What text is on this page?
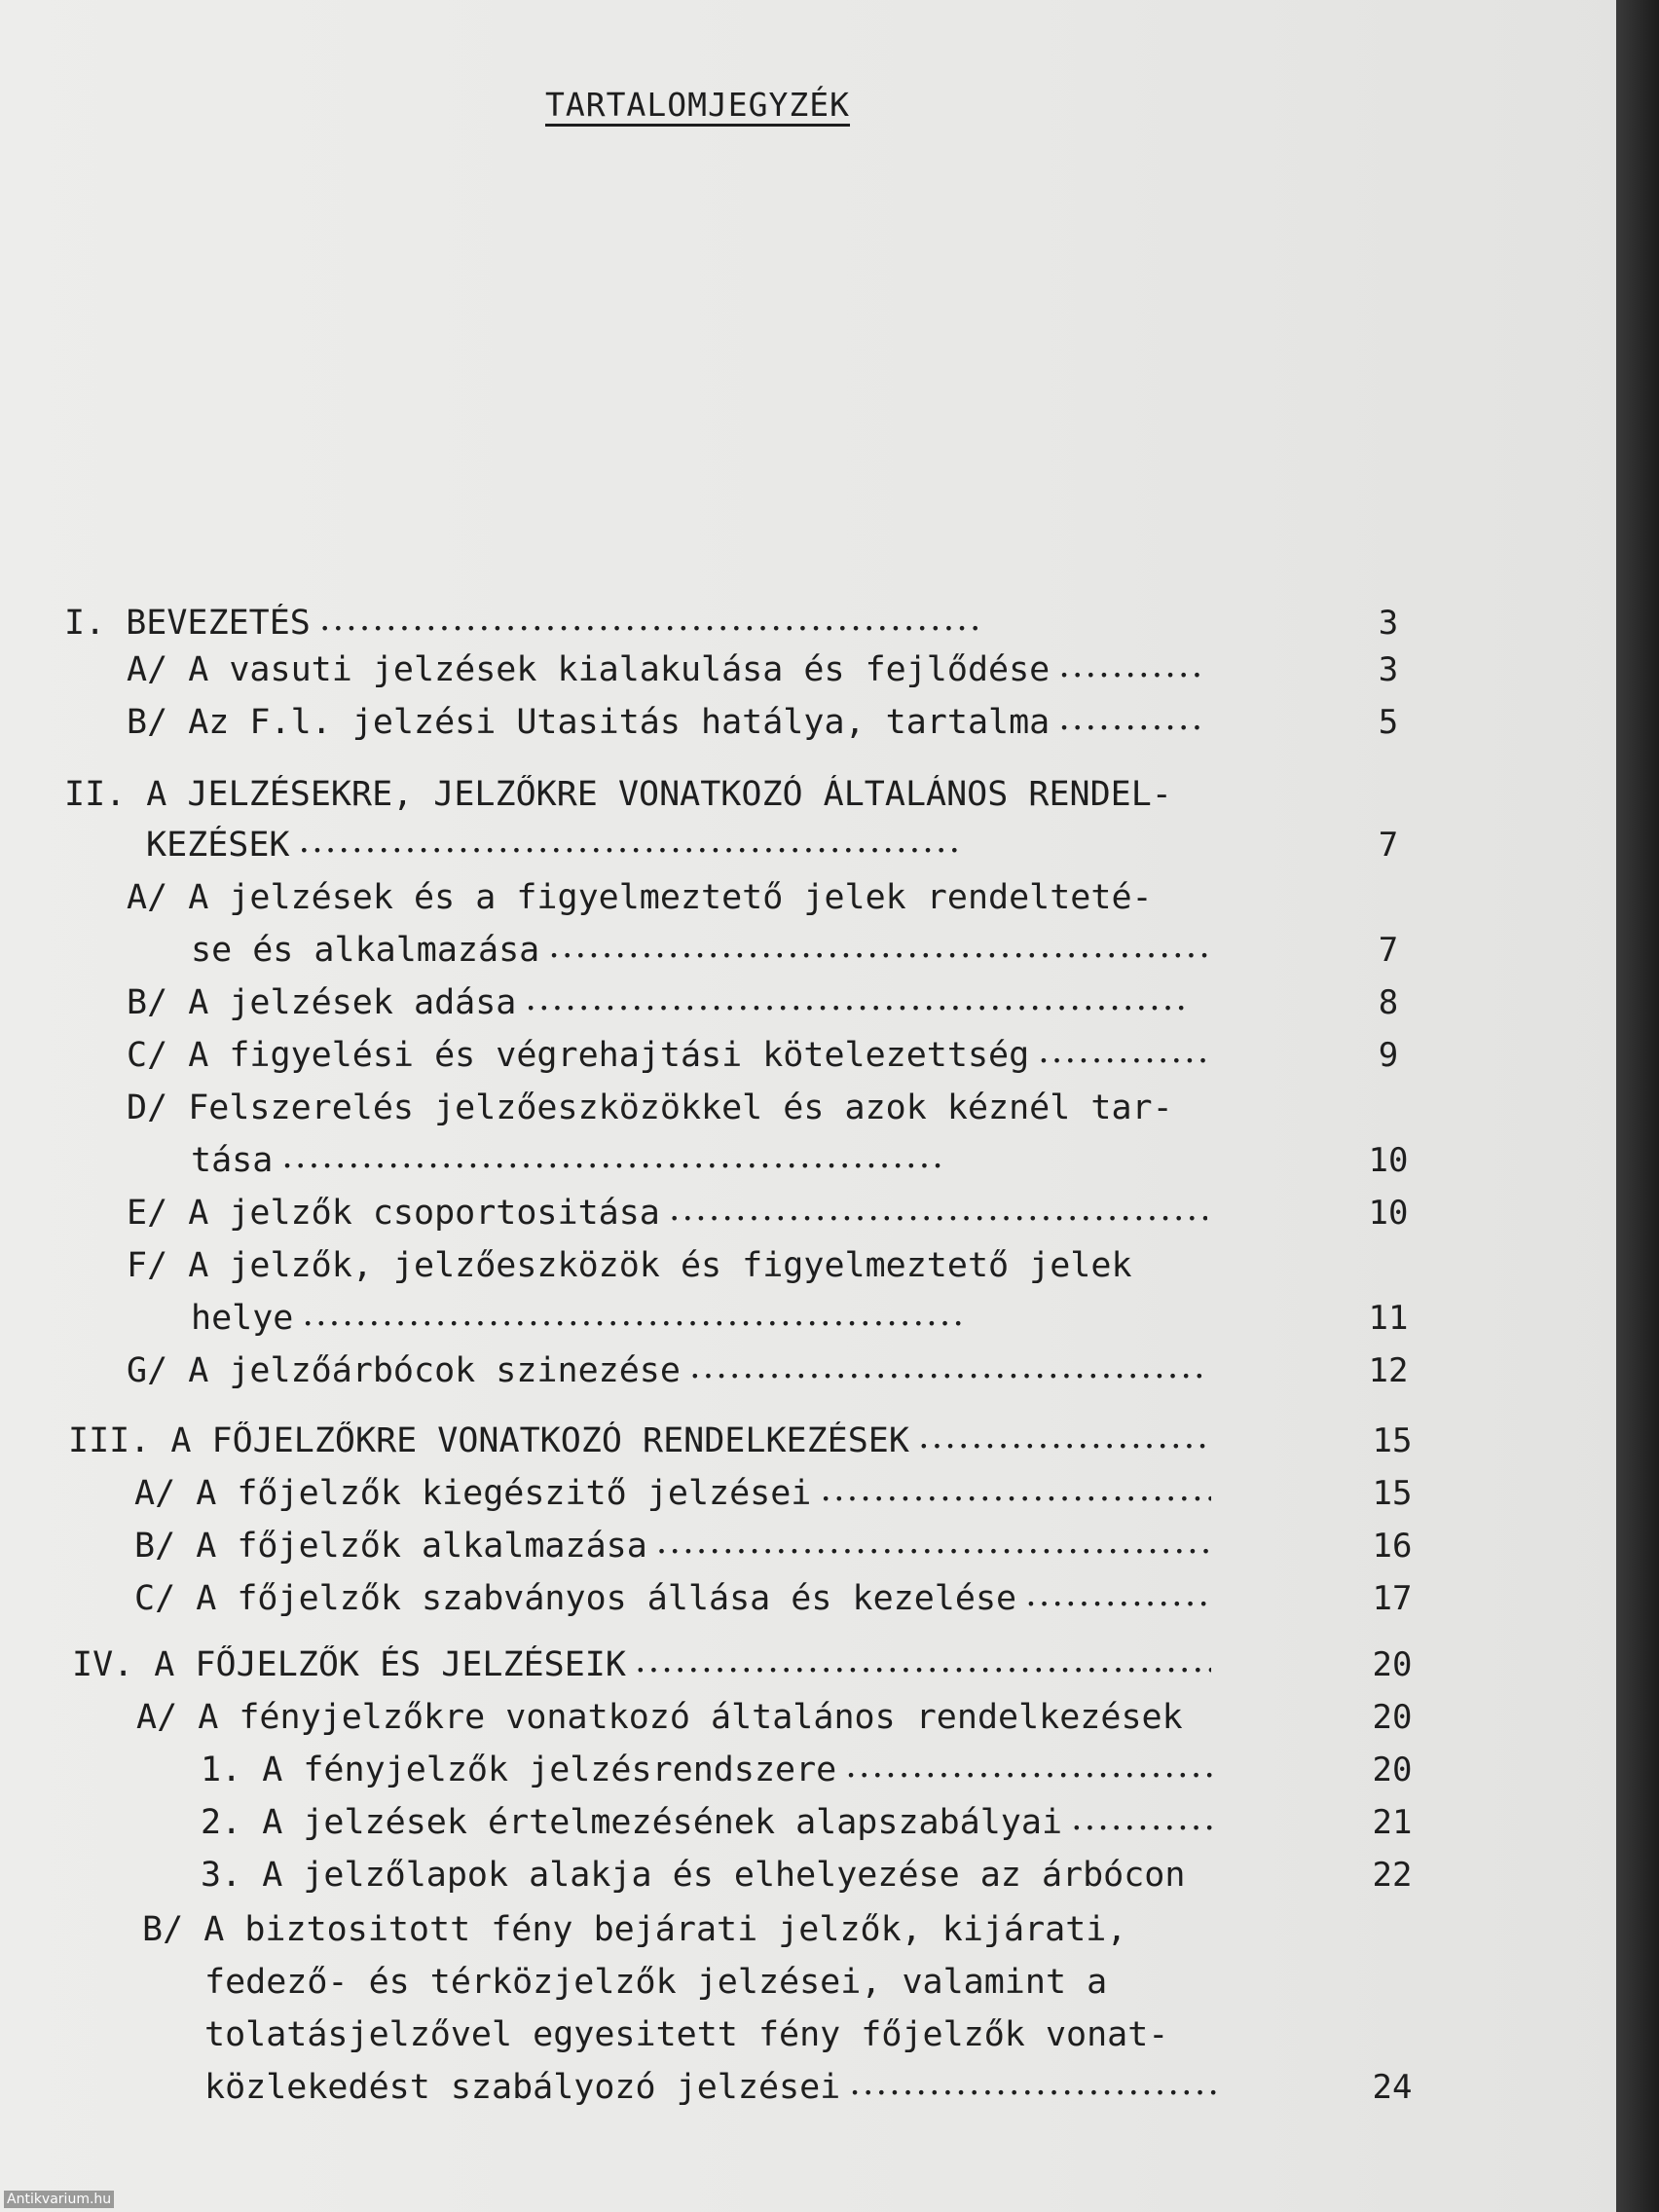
TARTALOMJEGYZÉK
I. BEVEZETÉS •••••	3
A/ A vasuti jelzések kialakulása és fejlődése •••••	3
B/ Az F.l. jelzési Utasitás hatálya, tartalma •••••	5
II. A JELZÉSEKRE, JELZŐKRE VONATKOZÓ ÁLTALÁNOS RENDEL-
KEZÉSEK •••••	7
A/ A jelzések és a figyelmeztető jelek rendelteté-
se és alkalmazása •••••	7
B/ A jelzések adása •••••	8
C/ A figyelési és végrehajtási kötelezettség •••••	9
D/ Felszerelés jelzőeszközökkel és azok kéznél tar-
tása •••••	10
E/ A jelzők csoportositása •••••	10
F/ A jelzők, jelzőeszközök és figyelmeztető jelek
helye •••••	11
G/ A jelzőárbócok szinezése •••••	12
III. A FŐJELZŐKRE VONATKOZÓ RENDELKEZÉSEK •••••	15
A/ A főjelzők kiegészitő jelzései •••••	15
B/ A főjelzők alkalmazása •••••	16
C/ A főjelzők szabványos állása és kezelése •••••	17
IV. A FŐJELZŐK ÉS JELZÉSEIK •••••	20
A/ A fényjelzőkre vonatkozó általános rendelkezések	20
1. A fényjelzők jelzésrendszere •••••	20
2. A jelzések értelmezésének alapszabályai •••••	21
3. A jelzőlapok alakja és elhelyezése az árbócon	22
B/ A biztositott fény bejárati jelzők, kijárati,
fedező- és térközjelzők jelzései, valamint a
tolatásjelzővel egyesitett fény főjelzők vonat-
közlekedést szabályozó jelzései •••••	24
Antikvarium.hu
